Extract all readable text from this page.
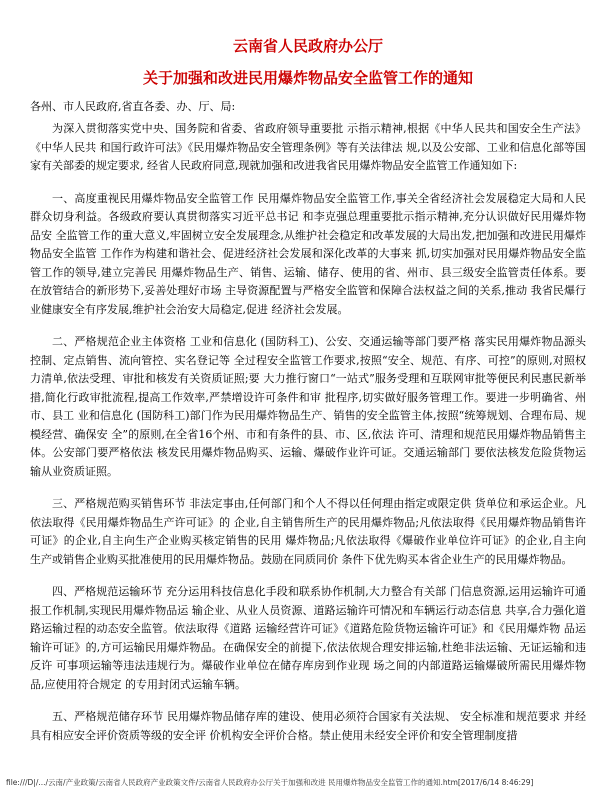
云南省人民政府办公厅
关于加强和改进民用爆炸物品安全监管工作的通知

各州、市人民政府,省直各委、办、厅、局:

为深入贯彻落实党中央、国务院和省委、省政府领导重要批 示指示精神,根据《中华人民共和国安全生产法》《中华人民共 和国行政许可法》《民用爆炸物品安全管理条例》等有关法律法 规,以及公安部、工业和信息化部等国家有关部委的规定要求, 经省人民政府同意,现就加强和改进我省民用爆炸物品安全监管工作通知如下:

一、高度重视民用爆炸物品安全监管工作 民用爆炸物品安全监管工作,事关全省经济社会发展稳定大局和人民群众切身利益。各级政府要认真贯彻落实习近平总书记 和李克强总理重要批示指示精神,充分认识做好民用爆炸物品安 全监管工作的重大意义,牢固树立安全发展理念,从维护社会稳定和改革发展的大局出发,把加强和改进民用爆炸物品安全监管 工作作为构建和谐社会、促进经济社会发展和深化改革的大事来 抓,切实加强对民用爆炸物品安全监管工作的领导,建立完善民 用爆炸物品生产、销售、运输、储存、使用的省、州市、县三级安全监管责任体系。要在放管结合的新形势下,妥善处理好市场 主导资源配置与严格安全监管和保障合法权益之间的关系,推动 我省民爆行业健康安全有序发展,维护社会治安大局稳定,促进 经济社会发展。

二、严格规范企业主体资格 工业和信息化 (国防科工)、公安、交通运输等部门要严格 落实民用爆炸物品源头控制、定点销售、流向管控、实名登记等 全过程安全监管工作要求,按照“安全、规范、有序、可控”的原则,对照权力清单,依法受理、审批和核发有关资质证照;要 大力推行窗口“一站式”服务受理和互联网审批等便民利民惠民新举 措,简化行政审批流程,提高工作效率,严禁增设许可条件和审 批程序,切实做好服务管理工作。要进一步明确省、州市、县工 业和信息化 (国防科工)部门作为民用爆炸物品生产、销售的安全监管主体,按照“统筹规划、合理布局、规模经营、确保安 全”的原则,在全省16个州、市和有条件的县、市、区,依法 许可、清理和规范民用爆炸物品销售主体。公安部门要严格依法 核发民用爆炸物品购买、运输、爆破作业许可证。交通运输部门 要依法核发危险货物运输从业资质证照。

三、严格规范购买销售环节 非法定事由,任何部门和个人不得以任何理由指定或限定供 货单位和承运企业。凡依法取得《民用爆炸物品生产许可证》的 企业,自主销售所生产的民用爆炸物品;凡依法取得《民用爆炸物品销售许可证》的企业,自主向生产企业购买核定销售的民用 爆炸物品;凡依法取得《爆破作业单位许可证》的企业,自主向 生产或销售企业购买批准使用的民用爆炸物品。鼓励在同质同价 条件下优先购买本省企业生产的民用爆炸物品。

四、严格规范运输环节 充分运用科技信息化手段和联系协作机制,大力整合有关部 门信息资源,运用运输许可通报工作机制,实现民用爆炸物品运 输企业、从业人员资源、道路运输许可情况和车辆运行动态信息 共享,合力强化道路运输过程的动态安全监管。依法取得《道路 运输经营许可证》《道路危险货物运输许可证》和《民用爆炸物 品运输许可证》的,方可运输民用爆炸物品。在确保安全的前提下,依法依规合理安排运输,杜绝非法运输、无证运输和违反许 可事项运输等违法违规行为。爆破作业单位在储存库房到作业现 场之间的内部道路运输爆破所需民用爆炸物品,应使用符合规定 的专用封闭式运输车辆。

五、严格规范储存环节 民用爆炸物品储存库的建设、使用必须符合国家有关法规、 安全标准和规范要求 并经具有相应安全评价资质等级的安全评 价机构安全评价合格。禁止使用未经安全评价和安全管理制度措

file:///D|/.../云南/产业政策/云南省人民政府产业政策文件/云南省人民政府办公厅关于加强和改进 民用爆炸物品安全监管工作的通知.htm[2017/6/14 8:46:29]
